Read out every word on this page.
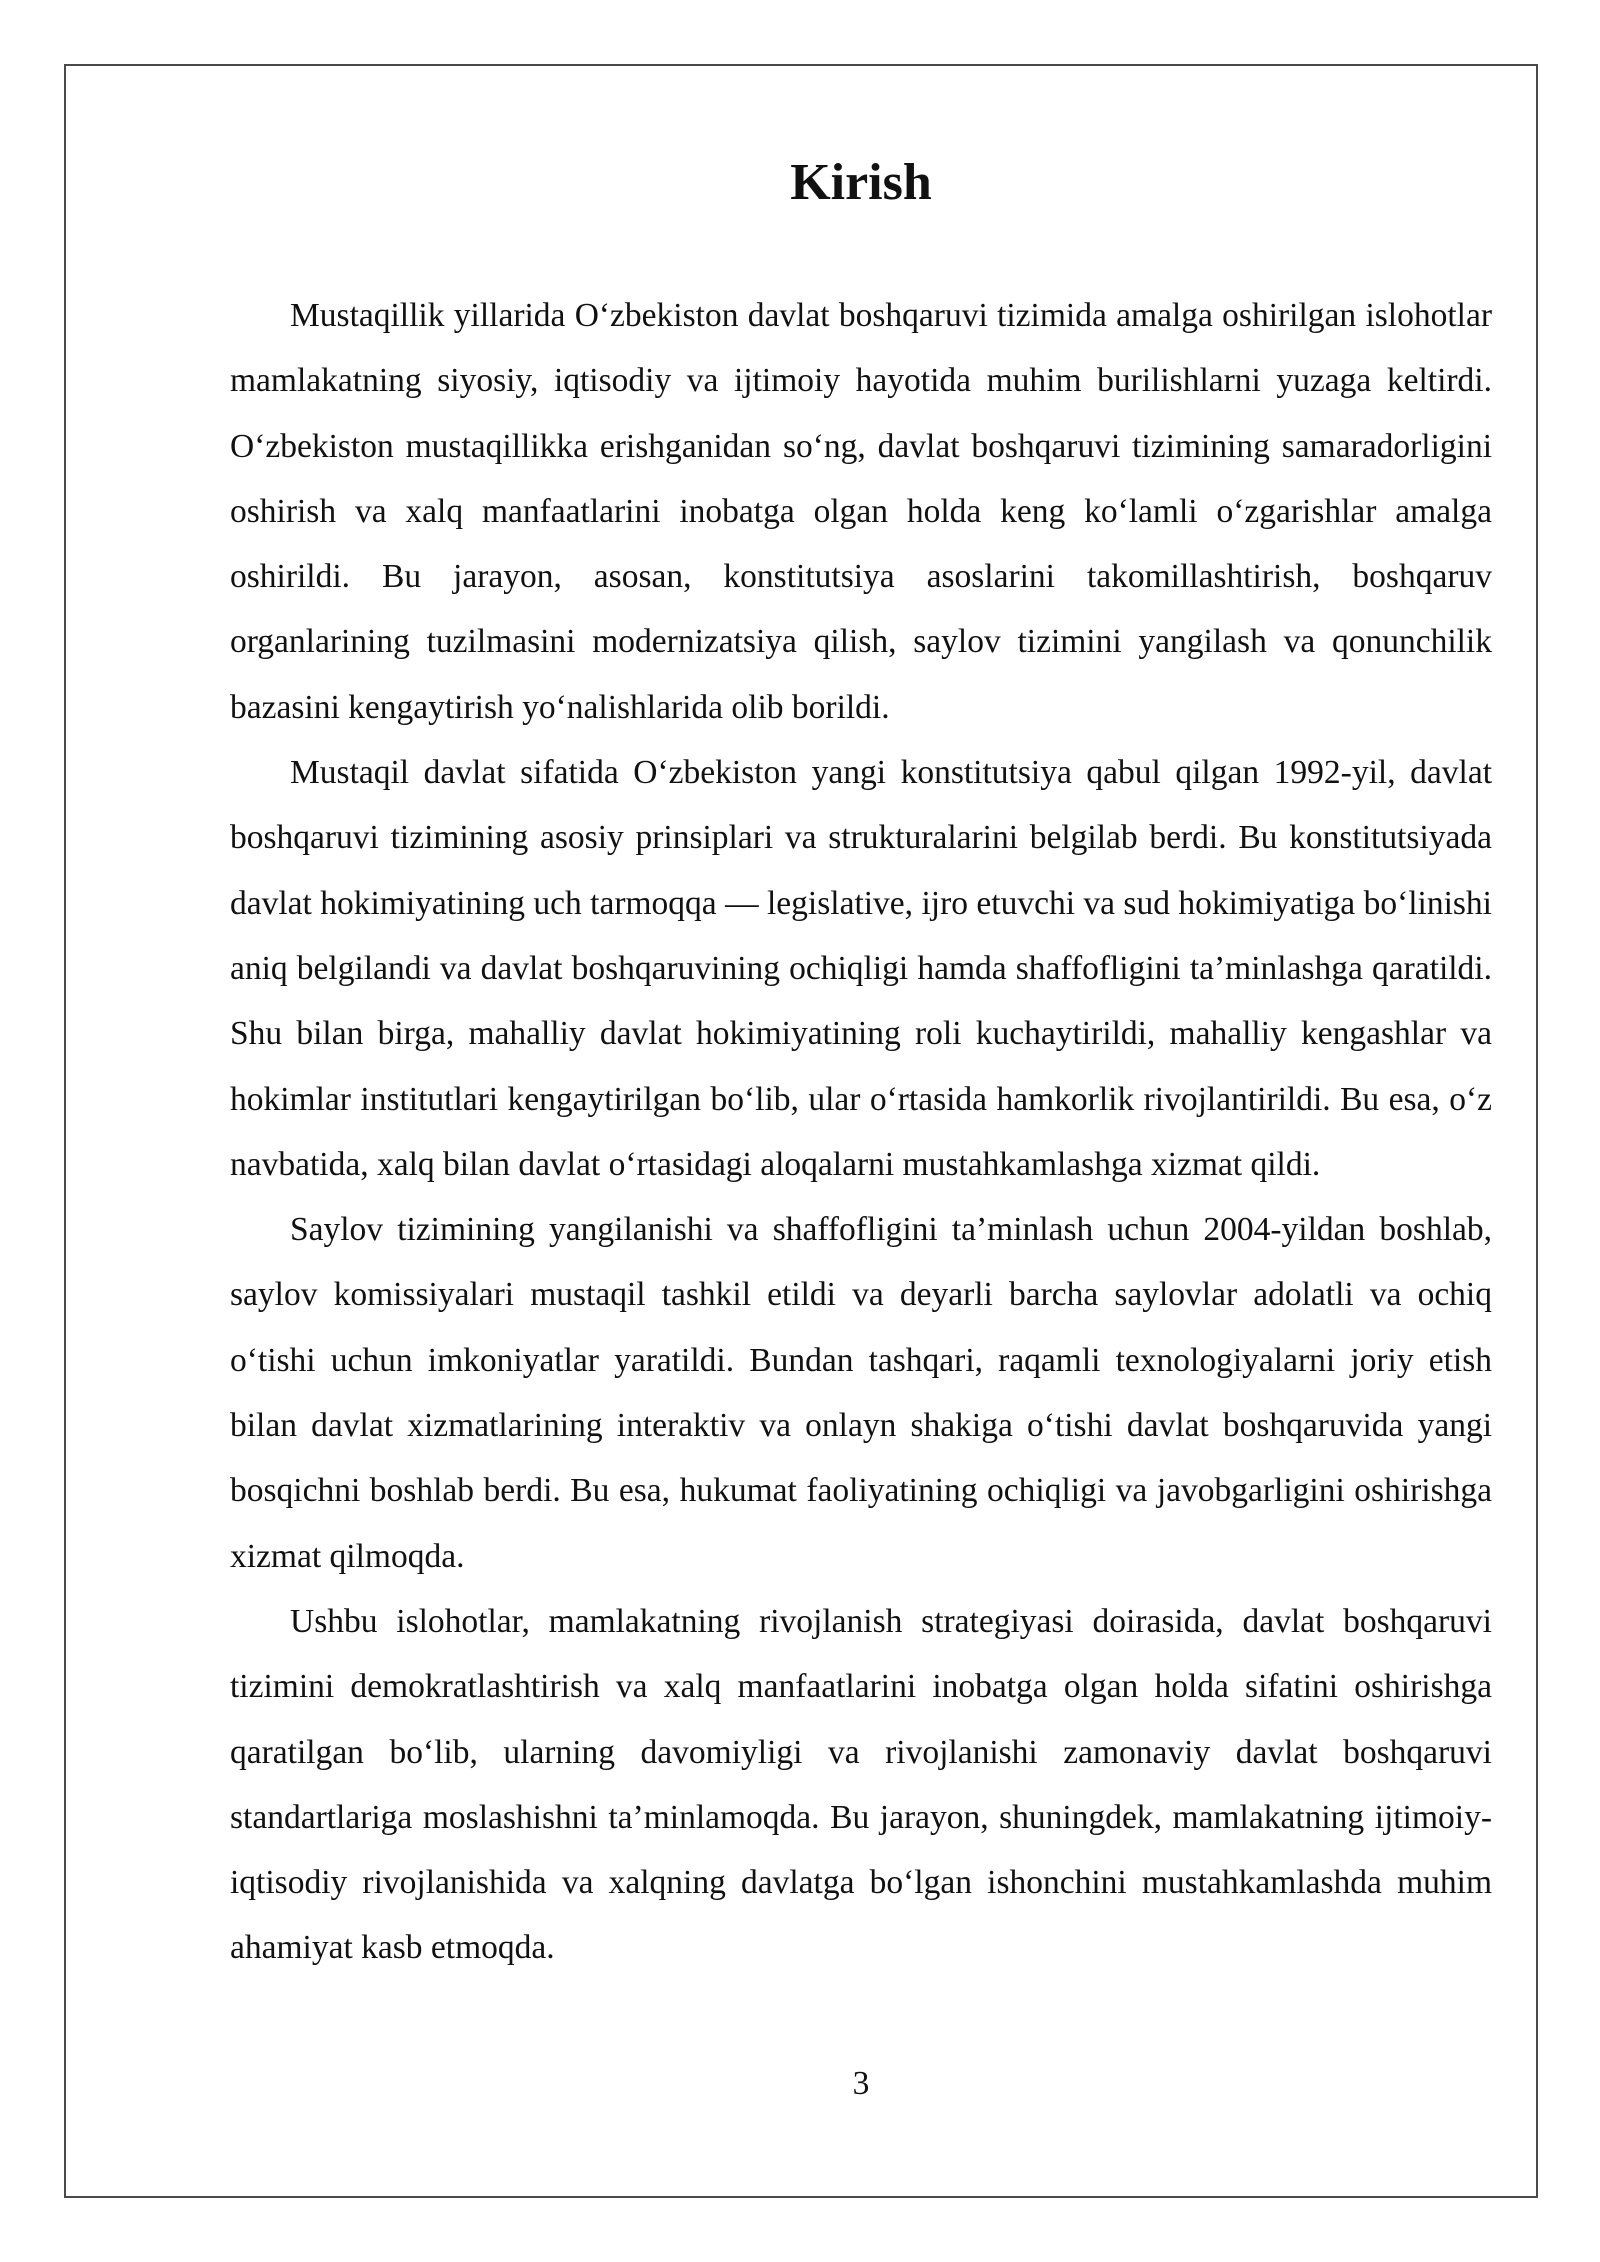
Kirish

Mustaqillik yillarida O‘zbekiston davlat boshqaruvi tizimida amalga oshirilgan islohotlar mamlakatning siyosiy, iqtisodiy va ijtimoiy hayotida muhim burilishlarni yuzaga keltirdi. O‘zbekiston mustaqillikka erishganidan so‘ng, davlat boshqaruvi tizimining samaradorligini oshirish va xalq manfaatlarini inobatga olgan holda keng ko‘lamli o‘zgarishlar amalga oshirildi. Bu jarayon, asosan, konstitutsiya asoslarini takomillashtirish, boshqaruv organlarining tuzilmasini modernizatsiya qilish, saylov tizimini yangilash va qonunchilik bazasini kengaytirish yo‘nalishlarida olib borildi.

Mustaqil davlat sifatida O‘zbekiston yangi konstitutsiya qabul qilgan 1992-yil, davlat boshqaruvi tizimining asosiy prinsiplari va strukturalarini belgilab berdi. Bu konstitutsiyada davlat hokimiyatining uch tarmoqqa — legislative, ijro etuvchi va sud hokimiyatiga bo‘linishi aniq belgilandi va davlat boshqaruvining ochiqligi hamda shaffofligini ta’minlashga qaratildi. Shu bilan birga, mahalliy davlat hokimiyatining roli kuchaytirildi, mahalliy kengashlar va hokimlar institutlari kengaytirilgan bo‘lib, ular o‘rtasida hamkorlik rivojlantirildi. Bu esa, o‘z navbatida, xalq bilan davlat o‘rtasidagi aloqalarni mustahkamlashga xizmat qildi.

Saylov tizimining yangilanishi va shaffofligini ta’minlash uchun 2004-yildan boshlab, saylov komissiyalari mustaqil tashkil etildi va deyarli barcha saylovlar adolatli va ochiq o‘tishi uchun imkoniyatlar yaratildi. Bundan tashqari, raqamli texnologiyalarni joriy etish bilan davlat xizmatlarining interaktiv va onlayn shakiga o‘tishi davlat boshqaruvida yangi bosqichni boshlab berdi. Bu esa, hukumat faoliyatining ochiqligi va javobgarligini oshirishga xizmat qilmoqda.

Ushbu islohotlar, mamlakatning rivojlanish strategiyasi doirasida, davlat boshqaruvi tizimini demokratlashtirish va xalq manfaatlarini inobatga olgan holda sifatini oshirishga qaratilgan bo‘lib, ularning davomiyligi va rivojlanishi zamonaviy davlat boshqaruvi standartlariga moslashishni ta’minlamoqda. Bu jarayon, shuningdek, mamlakatning ijtimoiy-iqtisodiy rivojlanishida va xalqning davlatga bo‘lgan ishonchini mustahkamlashda muhim ahamiyat kasb etmoqda.

3
